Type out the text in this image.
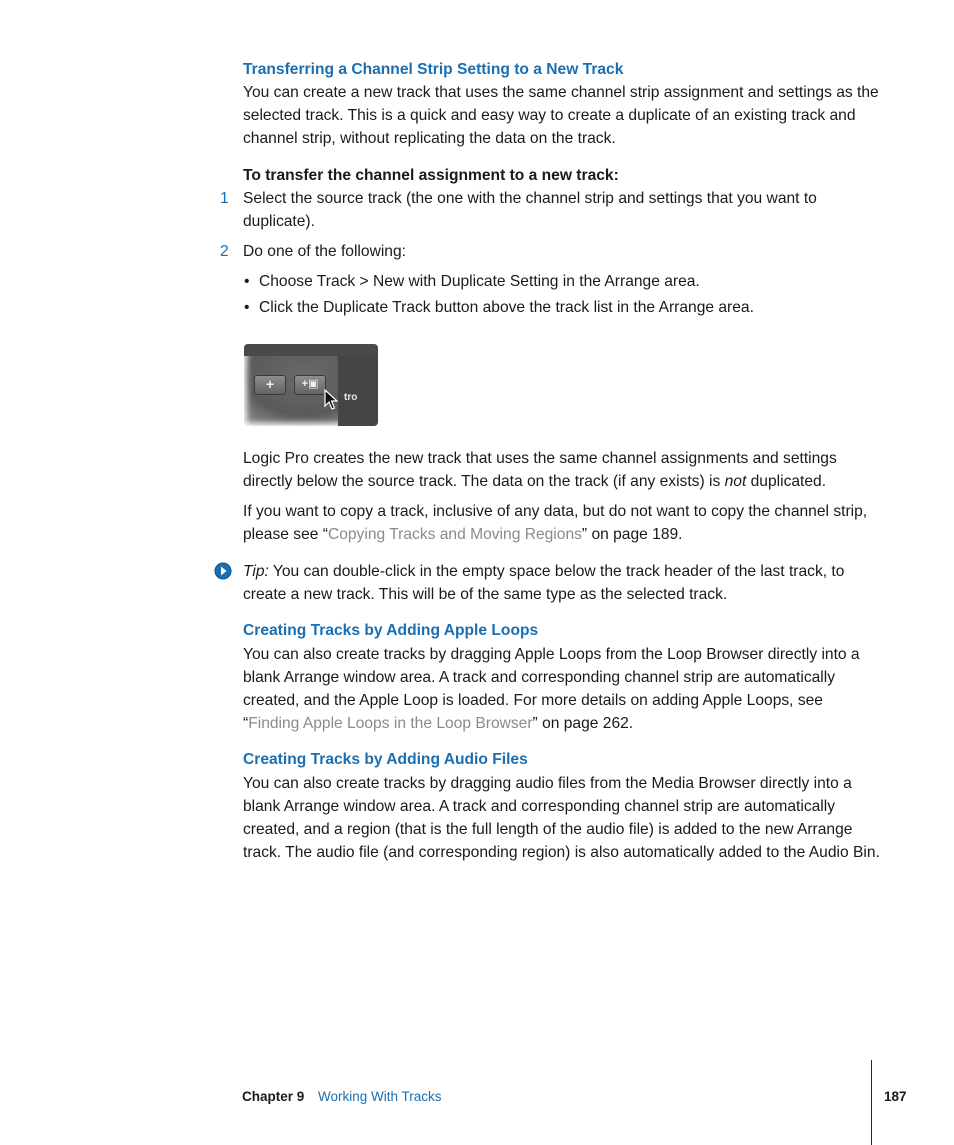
Transferring a Channel Strip Setting to a New Track
You can create a new track that uses the same channel strip assignment and settings as the selected track. This is a quick and easy way to create a duplicate of an existing track and channel strip, without replicating the data on the track.
To transfer the channel assignment to a new track:
1 Select the source track (the one with the channel strip and settings that you want to duplicate).
2 Do one of the following:
• Choose Track > New with Duplicate Setting in the Arrange area.
• Click the Duplicate Track button above the track list in the Arrange area.
+	+▣
tro
Logic Pro creates the new track that uses the same channel assignments and settings directly below the source track. The data on the track (if any exists) is not duplicated.
If you want to copy a track, inclusive of any data, but do not want to copy the channel strip, please see “Copying Tracks and Moving Regions” on page 189.
Tip: You can double-click in the empty space below the track header of the last track, to create a new track. This will be of the same type as the selected track.
Creating Tracks by Adding Apple Loops
You can also create tracks by dragging Apple Loops from the Loop Browser directly into a blank Arrange window area. A track and corresponding channel strip are automatically created, and the Apple Loop is loaded. For more details on adding Apple Loops, see “Finding Apple Loops in the Loop Browser” on page 262.
Creating Tracks by Adding Audio Files
You can also create tracks by dragging audio files from the Media Browser directly into a blank Arrange window area. A track and corresponding channel strip are automatically created, and a region (that is the full length of the audio file) is added to the new Arrange track. The audio file (and corresponding region) is also automatically added to the Audio Bin.
Chapter 9 Working With Tracks	187
